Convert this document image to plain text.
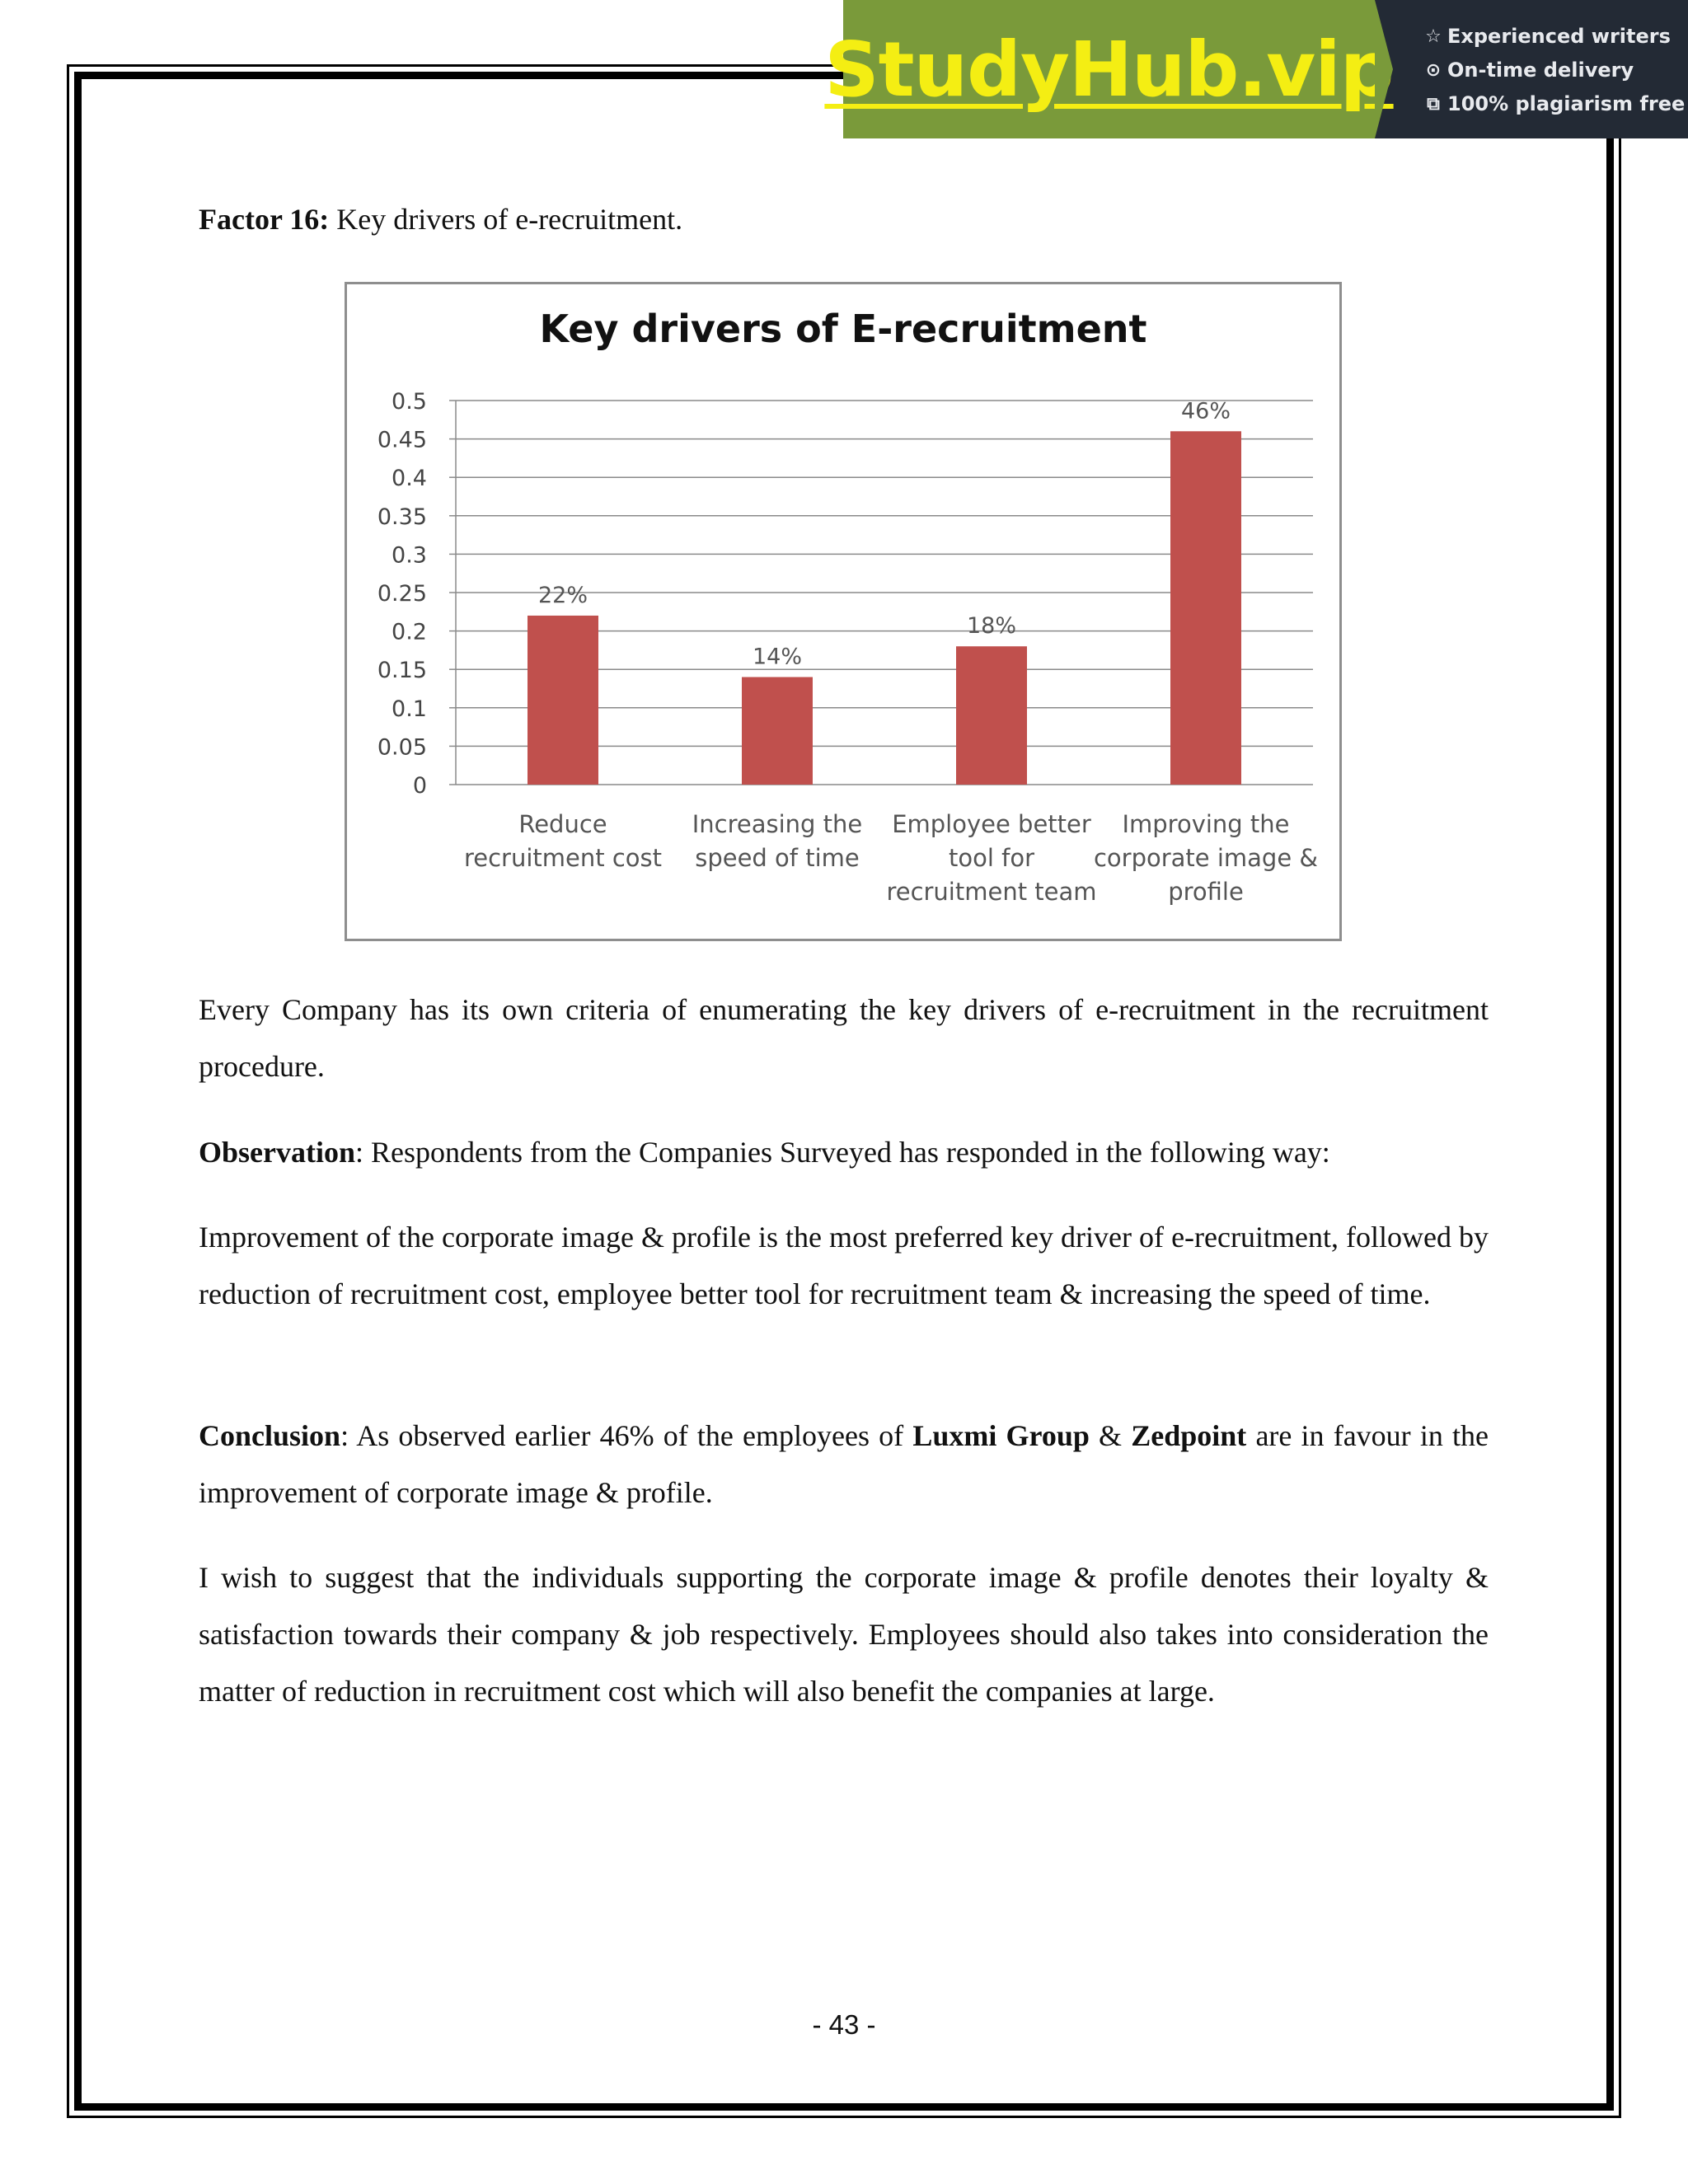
StudyHub.vip ☆ Experienced writers
⊙ On-time delivery
⧉ 100% plagiarism free
Factor 16: Key drivers of e-recruitment.
Key drivers of E-recruitment
0
0.05
0.1
0.15
0.2
0.25
0.3
0.35
0.4
0.45
0.5
22%
Reduce
recruitment cost
14%
Increasing the
speed of time
18%
Employee better
tool for
recruitment team
46%
Improving the
corporate image &
profile

Every Company has its own criteria of enumerating the key drivers of e-recruitment in the recruitment procedure.

Observation: Respondents from the Companies Surveyed has responded in the following way:

Improvement of the corporate image & profile is the most preferred key driver of e-recruitment, followed by reduction of recruitment cost, employee better tool for recruitment team & increasing the speed of time.

Conclusion: As observed earlier 46% of the employees of Luxmi Group & Zedpoint are in favour in the improvement of corporate image & profile.

I wish to suggest that the individuals supporting the corporate image & profile denotes their loyalty & satisfaction towards their company & job respectively. Employees should also takes into consideration the matter of reduction in recruitment cost which will also benefit the companies at large.

- 43 -
